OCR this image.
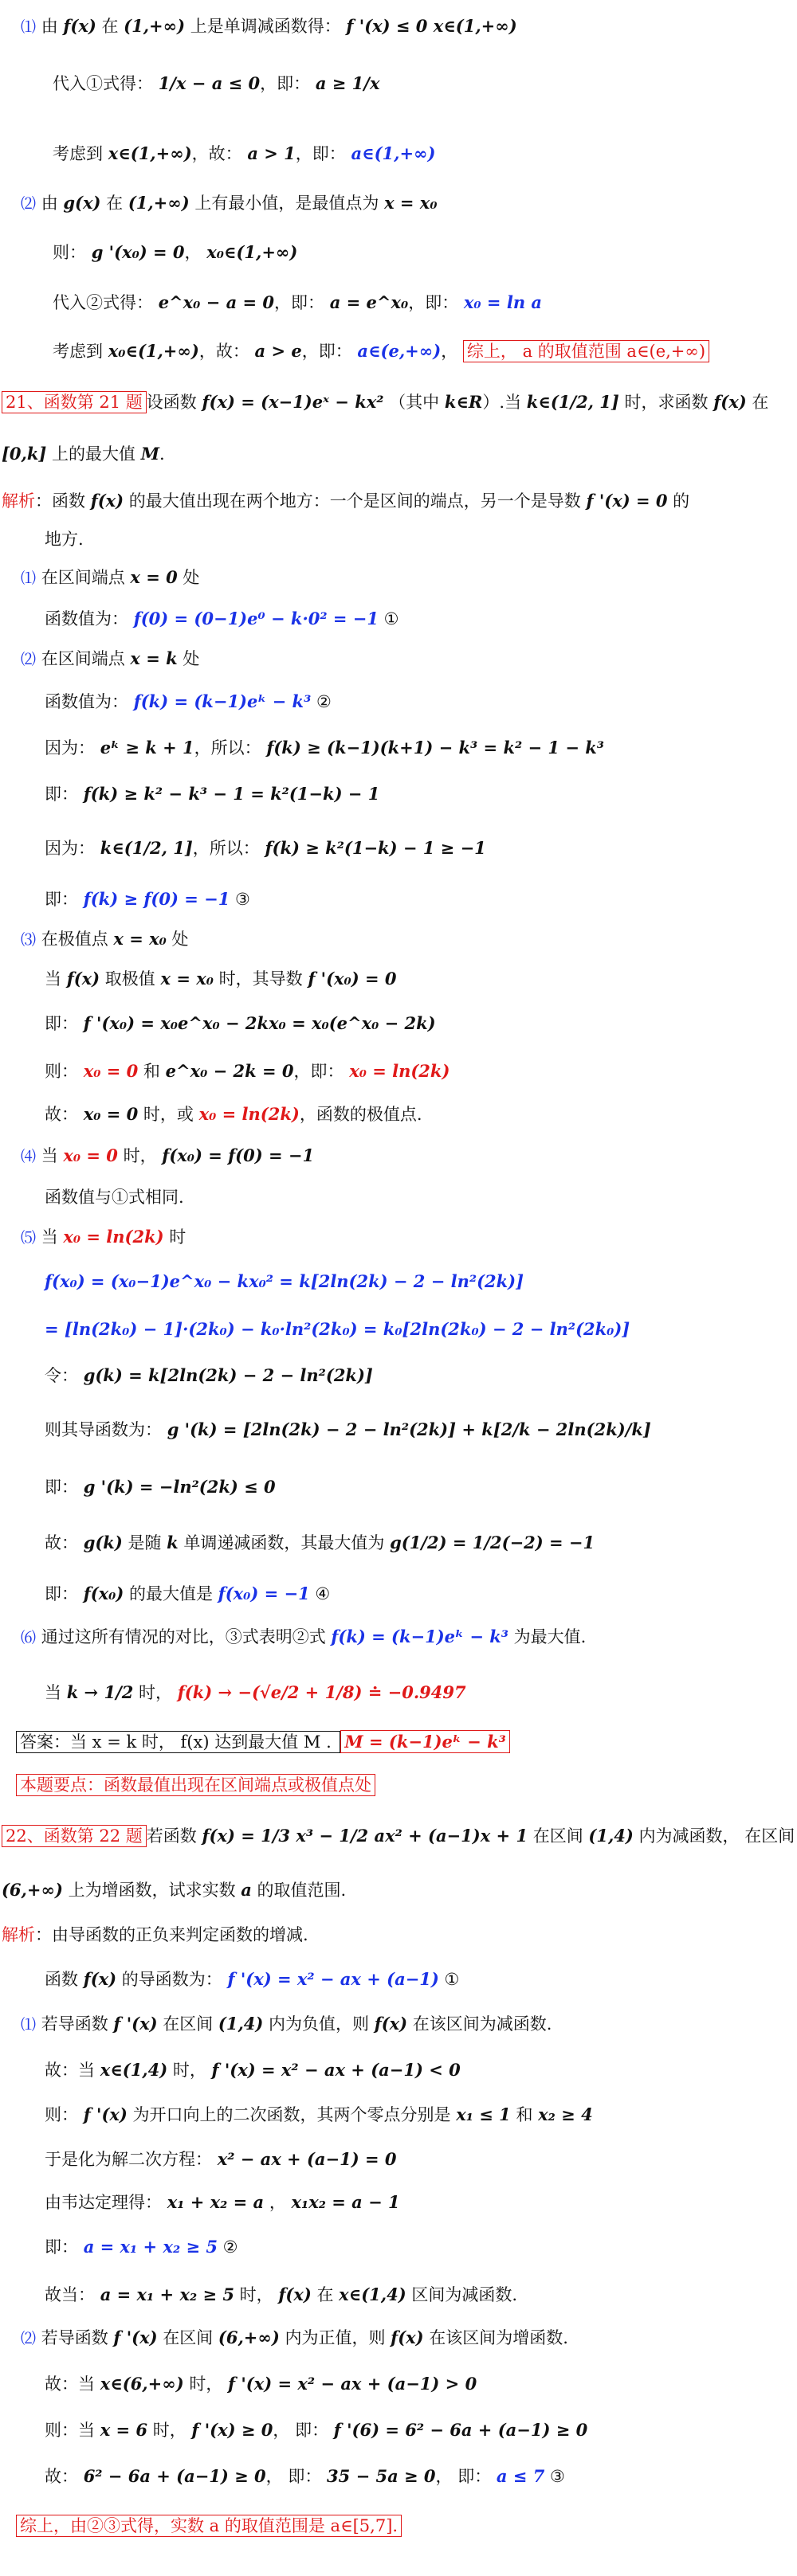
⑴ 由 f(x) 在 (1,+∞) 上是单调减函数得： f '(x) ≤ 0 x∈(1,+∞)
代入①式得： 1/x − a ≤ 0，即： a ≥ 1/x
考虑到 x∈(1,+∞)，故： a > 1，即： a∈(1,+∞)
⑵ 由 g(x) 在 (1,+∞) 上有最小值，是最值点为 x = x₀
则： g '(x₀) = 0， x₀∈(1,+∞)
代入②式得： e^x₀ − a = 0，即： a = e^x₀，即： x₀ = ln a
考虑到 x₀∈(1,+∞)，故： a > e，即： a∈(e,+∞)， 综上， a 的取值范围 a∈(e,+∞)
21、函数第 21 题 设函数 f(x) = (x−1)eˣ − kx² （其中 k∈R）.当 k∈(1/2, 1] 时，求函数 f(x) 在
[0,k] 上的最大值 M.
解析：函数 f(x) 的最大值出现在两个地方：一个是区间的端点，另一个是导数 f '(x) = 0 的
地方.
⑴ 在区间端点 x = 0 处
函数值为： f(0) = (0−1)e⁰ − k·0² = −1 ①
⑵ 在区间端点 x = k 处
函数值为： f(k) = (k−1)eᵏ − k³ ②
因为： eᵏ ≥ k + 1，所以： f(k) ≥ (k−1)(k+1) − k³ = k² − 1 − k³
即： f(k) ≥ k² − k³ − 1 = k²(1−k) − 1
因为： k∈(1/2, 1]，所以： f(k) ≥ k²(1−k) − 1 ≥ −1
即： f(k) ≥ f(0) = −1 ③
⑶ 在极值点 x = x₀ 处
当 f(x) 取极值 x = x₀ 时，其导数 f '(x₀) = 0
即： f '(x₀) = x₀e^x₀ − 2kx₀ = x₀(e^x₀ − 2k)
则： x₀ = 0 和 e^x₀ − 2k = 0，即： x₀ = ln(2k)
故： x₀ = 0 时，或 x₀ = ln(2k)，函数的极值点.
⑷ 当 x₀ = 0 时， f(x₀) = f(0) = −1
函数值与①式相同.
⑸ 当 x₀ = ln(2k) 时
f(x₀) = (x₀−1)e^x₀ − kx₀² = k[2ln(2k) − 2 − ln²(2k)]
= [ln(2k₀) − 1]·(2k₀) − k₀·ln²(2k₀) = k₀[2ln(2k₀) − 2 − ln²(2k₀)]
令： g(k) = k[2ln(2k) − 2 − ln²(2k)]
则其导函数为： g '(k) = [2ln(2k) − 2 − ln²(2k)] + k[2/k − 2ln(2k)/k]
即： g '(k) = −ln²(2k) ≤ 0
故： g(k) 是随 k 单调递减函数，其最大值为 g(1/2) = 1/2(−2) = −1
即： f(x₀) 的最大值是 f(x₀) = −1 ④
⑹ 通过这所有情况的对比，③式表明②式 f(k) = (k−1)eᵏ − k³ 为最大值.
当 k → 1/2 时， f(k) → −(√e/2 + 1/8) ≐ −0.9497
答案：当 x = k 时， f(x) 达到最大值 M . M = (k−1)eᵏ − k³
本题要点：函数最值出现在区间端点或极值点处
22、函数第 22 题 若函数 f(x) = 1/3 x³ − 1/2 ax² + (a−1)x + 1 在区间 (1,4) 内为减函数， 在区间
(6,+∞) 上为增函数，试求实数 a 的取值范围.
解析：由导函数的正负来判定函数的增减.
函数 f(x) 的导函数为： f '(x) = x² − ax + (a−1) ①
⑴ 若导函数 f '(x) 在区间 (1,4) 内为负值，则 f(x) 在该区间为减函数.
故：当 x∈(1,4) 时， f '(x) = x² − ax + (a−1) < 0
则： f '(x) 为开口向上的二次函数，其两个零点分别是 x₁ ≤ 1 和 x₂ ≥ 4
于是化为解二次方程： x² − ax + (a−1) = 0
由韦达定理得： x₁ + x₂ = a ， x₁x₂ = a − 1
即： a = x₁ + x₂ ≥ 5 ②
故当： a = x₁ + x₂ ≥ 5 时， f(x) 在 x∈(1,4) 区间为减函数.
⑵ 若导函数 f '(x) 在区间 (6,+∞) 内为正值，则 f(x) 在该区间为增函数.
故：当 x∈(6,+∞) 时， f '(x) = x² − ax + (a−1) > 0
则：当 x = 6 时， f '(x) ≥ 0， 即： f '(6) = 6² − 6a + (a−1) ≥ 0
故： 6² − 6a + (a−1) ≥ 0， 即： 35 − 5a ≥ 0， 即： a ≤ 7 ③
综上，由②③式得，实数 a 的取值范围是 a∈[5,7].
